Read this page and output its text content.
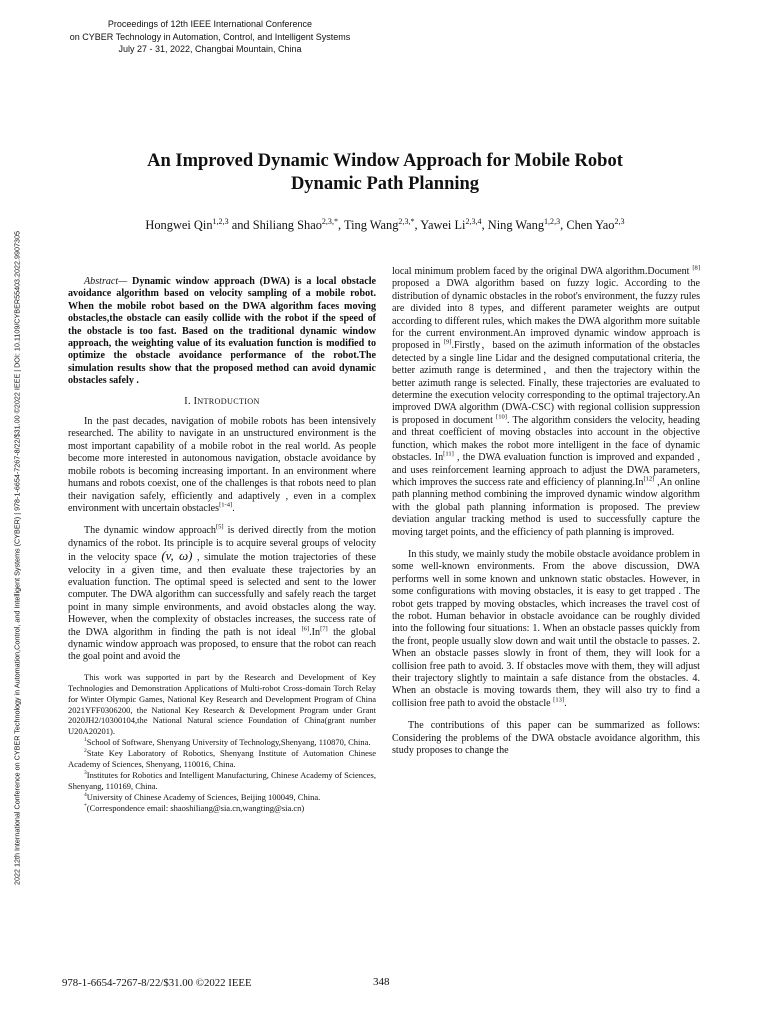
Proceedings of 12th IEEE International Conference
on CYBER Technology in Automation, Control, and Intelligent Systems
July 27 - 31, 2022, Changbai Mountain, China
2022 12th International Conference on CYBER Technology in Automation,Control, and Intelligent Systems (CYBER) | 978-1-6654-7267-8/22/$31.00 ©2022 IEEE | DOI: 10.1109/CYBER55403.2022.9907305
An Improved Dynamic Window Approach for Mobile Robot
Dynamic Path Planning
Hongwei Qin$^{1,2,3}$ and Shiliang Shao$^{2,3,*}$, Ting Wang$^{2,3,*}$, Yawei Li$^{2,3,4}$, Ning Wang$^{1,2,3}$, Chen Yao$^{2,3}$

Abstract— Dynamic window approach (DWA) is a local obstacle avoidance algorithm based on velocity sampling of a mobile robot. When the mobile robot based on the DWA algorithm faces moving obstacles,the obstacle can easily collide with the robot if the speed of the obstacle is too fast. Based on the traditional dynamic window approach, the weighting value of its evaluation function is modified to optimize the obstacle avoidance performance of the robot.The simulation results show that the proposed method can avoid dynamic obstacles safely .

I. INTRODUCTION

In the past decades, navigation of mobile robots has been intensively researched. The ability to navigate in an unstructured environment is the most important capability of a mobile robot in the real world. As people become more interested in autonomous navigation, obstacle avoidance by mobile robots is becoming increasing important. In an environment where humans and robots coexist, one of the challenges is that robots need to plan their navigation safely, efficiently and adaptively , even in a complex environment with uncertain obstacles[1-4].

The dynamic window approach[5] is derived directly from the motion dynamics of the robot. Its principle is to acquire several groups of velocity in the velocity space (v, ω) , simulate the motion trajectories of these velocity in a given time, and then evaluate these trajectories by an evaluation function. The optimal speed is selected and sent to the lower computer. The DWA algorithm can successfully and safely reach the target point in many simple environments, and avoid obstacles along the way. However, when the complexity of obstacles increases, the success rate of the DWA algorithm in finding the path is not ideal [6].In[7] the global dynamic window approach was proposed, to ensure that the robot can reach the goal point and avoid the

This work was supported in part by the Research and Development of Key Technologies and Demonstration Applications of Multi-robot Cross-domain Torch Relay for Winter Olympic Games, National Key Research and Development Program of China 2021YFF0306200, the National Key Research & Development Program under Grant 2020JH2/10300104,the National Natural science Foundation of China(grant number U20A20201).

$^1$School of Software, Shenyang University of Technology,Shenyang, 110870, China.

$^2$State Key Laboratory of Robotics, Shenyang Institute of Automation Chinese Academy of Sciences, Shenyang, 110016, China.

$^3$Institutes for Robotics and Intelligent Manufacturing, Chinese Academy of Sciences, Shenyang, 110169, China.

$^4$University of Chinese Academy of Sciences, Beijing 100049, China.

*(Correspondence email: shaoshiliang@sia.cn,wangting@sia.cn)

local minimum problem faced by the original DWA algorithm.Document [8] proposed a DWA algorithm based on fuzzy logic. According to the distribution of dynamic obstacles in the robot's environment, the fuzzy rules are divided into 8 types, and different parameter weights are output according to different rules, which makes the DWA algorithm more suitable for the current environment.An improved dynamic window approach is proposed in [9].Firstly，based on the azimuth information of the obstacles detected by a single line Lidar and the designed computational criteria, the better azimuth range is determined，and then the trajectory within the better azimuth range is selected. Finally, these trajectories are evaluated to determine the execution velocity corresponding to the optimal trajectory.An improved DWA algorithm (DWA-CSC) with regional collision suppression is proposed in document [10]. The algorithm considers the velocity, heading and threat coefficient of moving obstacles into account in the objective function, which makes the robot more intelligent in the face of dynamic obstacles. In[11] , the DWA evaluation function is improved and expanded , and uses reinforcement learning approach to adjust the DWA parameters, which improves the success rate and efficiency of planning.In[12] ,An online path planning method combining the improved dynamic window algorithm with the global path planning information is proposed. The preview deviation angular tracking method is used to successfully capture the moving target points, and the efficiency of path planning is improved.

In this study, we mainly study the mobile obstacle avoidance problem in some well-known environments. From the above discussion, DWA performs well in some known and unknown static obstacles. However, in some configurations with moving obstacles, it is easy to get trapped . The robot gets trapped by moving obstacles, which increases the travel cost of the robot. Human behavior in obstacle avoidance can be roughly divided into the following four situations: 1. When an obstacle passes quickly from the front, people usually slow down and wait until the obstacle to passes. 2. When an obstacle passes slowly in front of them, they will look for a collision free path to avoid. 3. If obstacles move with them, they will adjust their trajectory slightly to maintain a safe distance from the obstacles. 4. When an obstacle is moving towards them, they will also try to find a collision free path to avoid the obstacle [13].

The contributions of this paper can be summarized as follows: Considering the problems of the DWA obstacle avoidance algorithm, this study proposes to change the

978-1-6654-7267-8/22/$31.00 ©2022 IEEE	348
